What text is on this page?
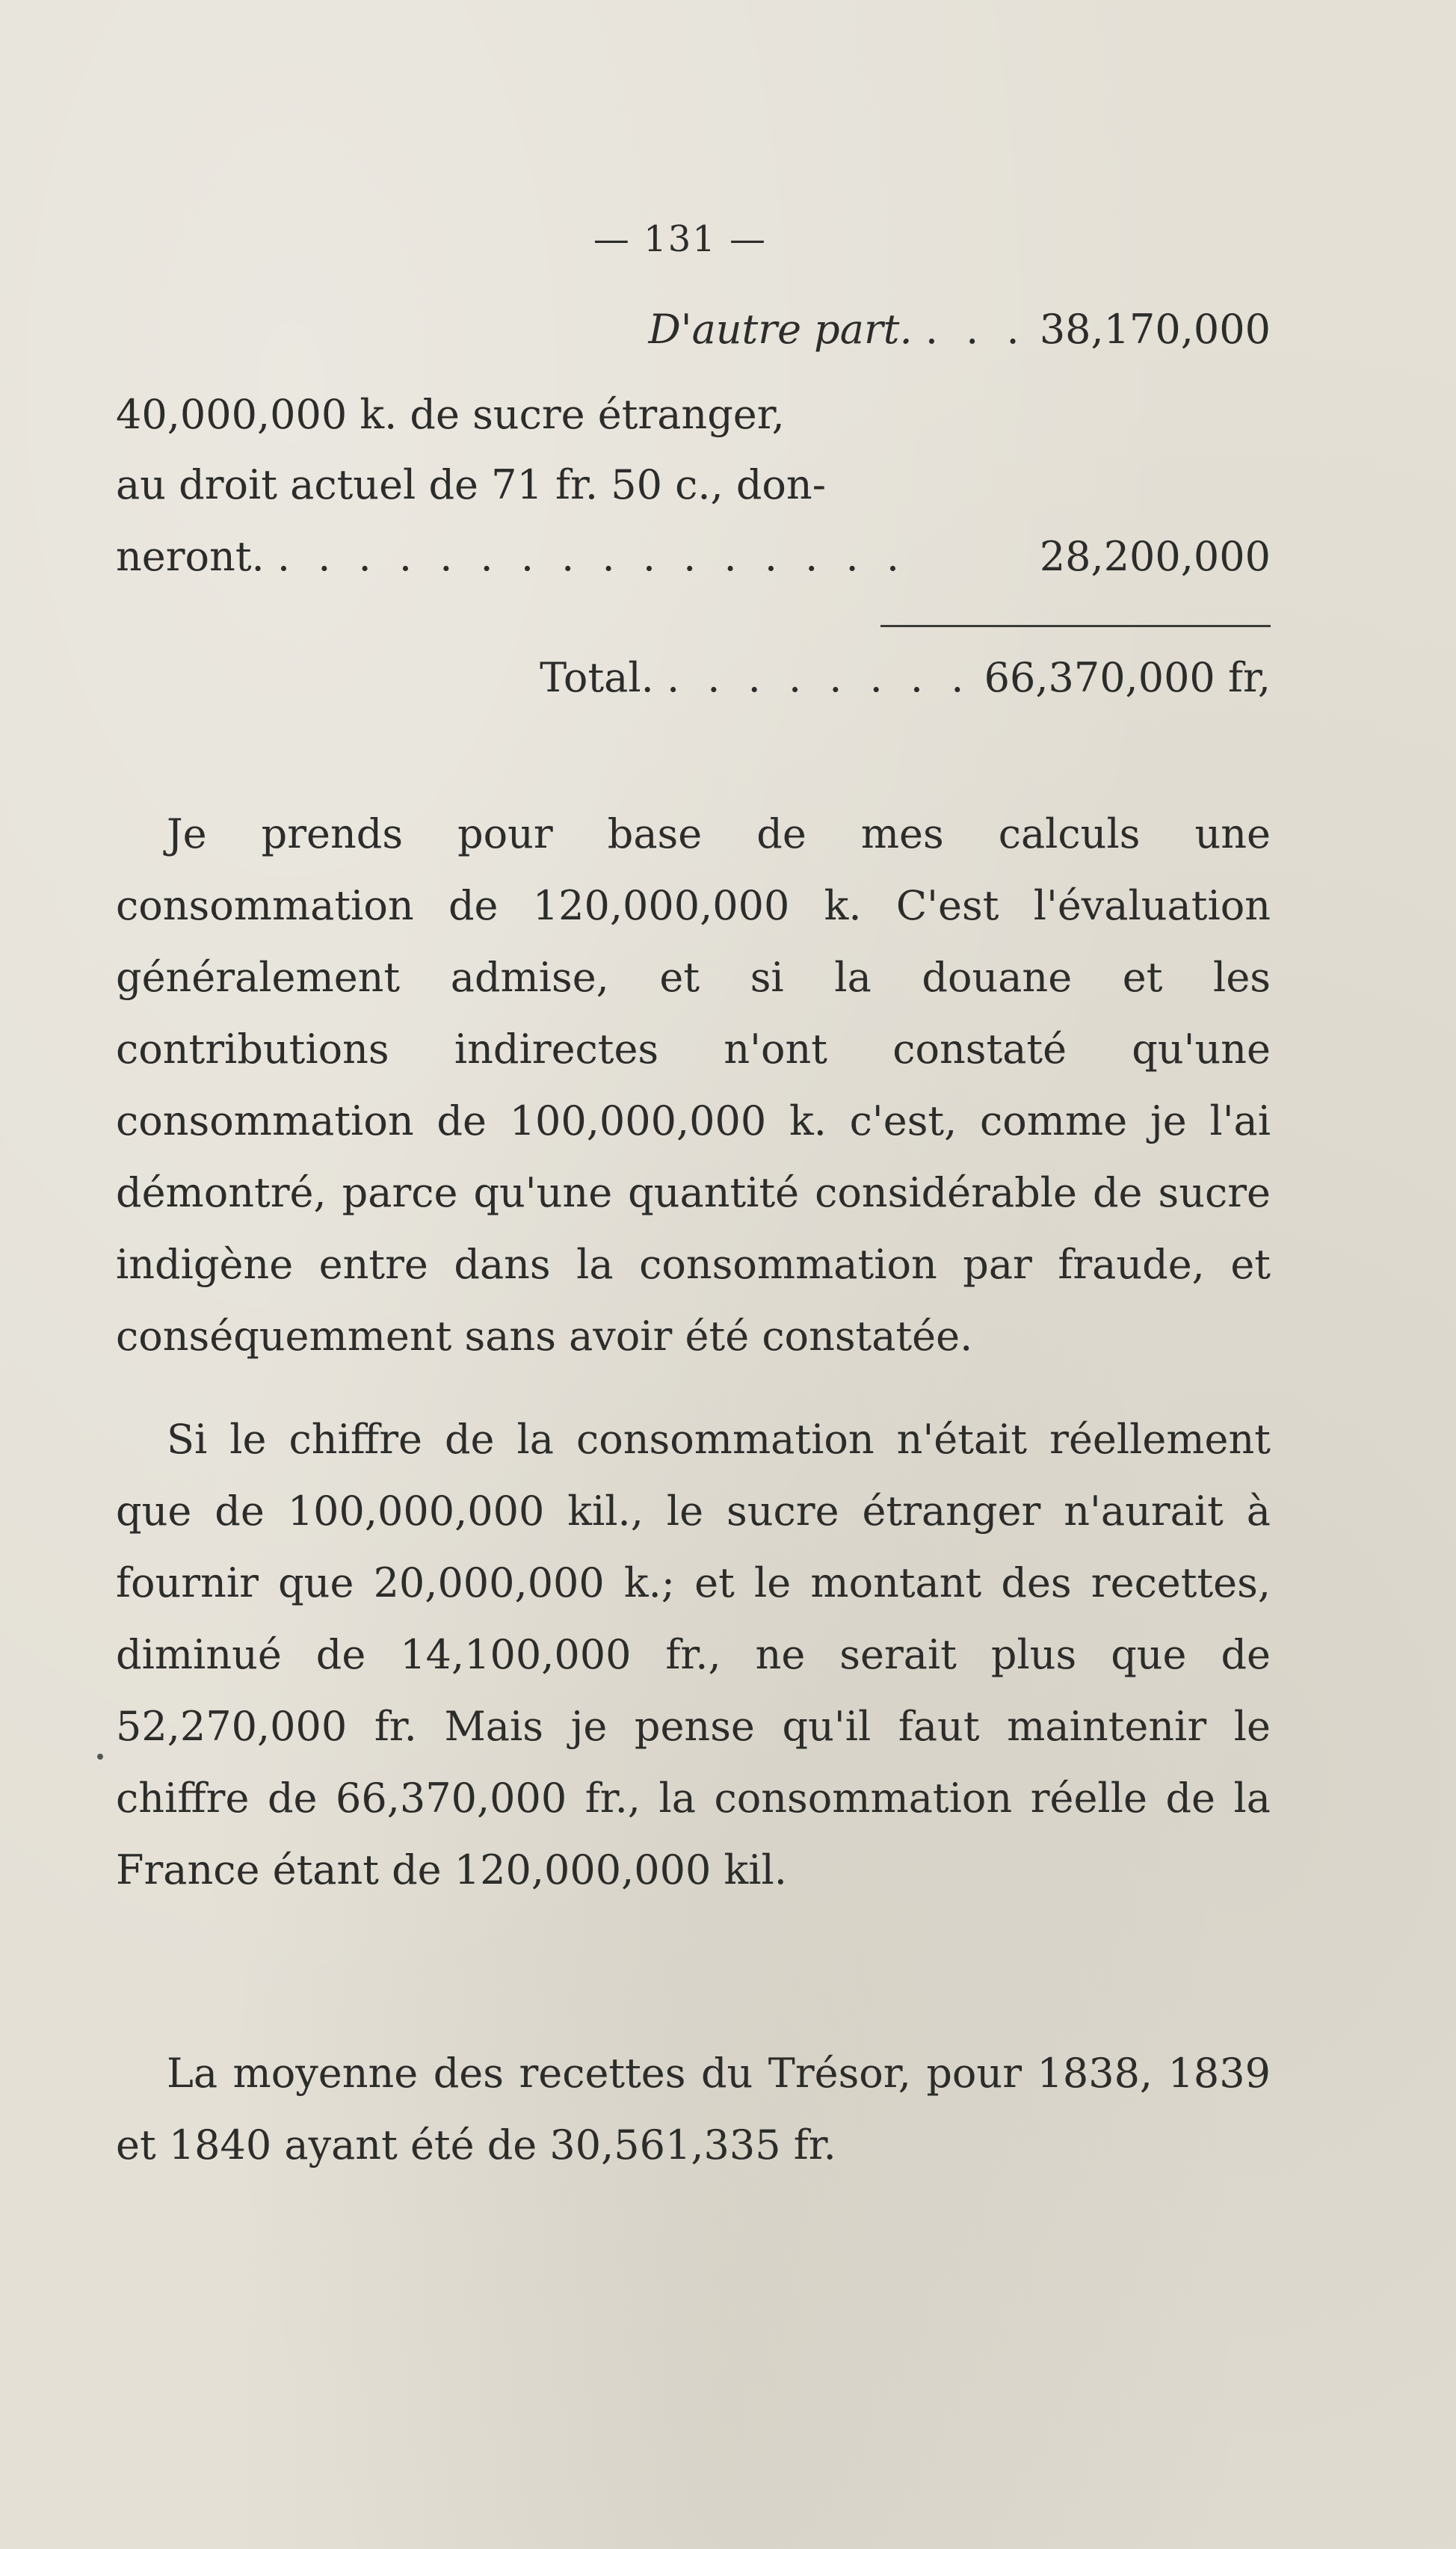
— 131 —
D'autre part. . . . 38,170,000
40,000,000 k. de sucre étranger,
au droit actuel de 71 fr. 50 c., don-
neront. . . . . . . . . . . . . . . . .	28,200,000
Total. . . . . . . . . 66,370,000 fr,
Je prends pour base de mes calculs une consommation de 120,000,000 k. C'est l'évaluation généralement admise, et si la douane et les contributions indirectes n'ont constaté qu'une consommation de 100,000,000 k. c'est, comme je l'ai démontré, parce qu'une quantité considérable de sucre indigène entre dans la consommation par fraude, et conséquemment sans avoir été constatée.
Si le chiffre de la consommation n'était réellement que de 100,000,000 kil., le sucre étranger n'aurait à fournir que 20,000,000 k.; et le montant des recettes, diminué de 14,100,000 fr., ne serait plus que de 52,270,000 fr. Mais je pense qu'il faut maintenir le chiffre de 66,370,000 fr., la consommation réelle de la France étant de 120,000,000 kil.
La moyenne des recettes du Trésor, pour 1838, 1839 et 1840 ayant été de 30,561,335 fr.
